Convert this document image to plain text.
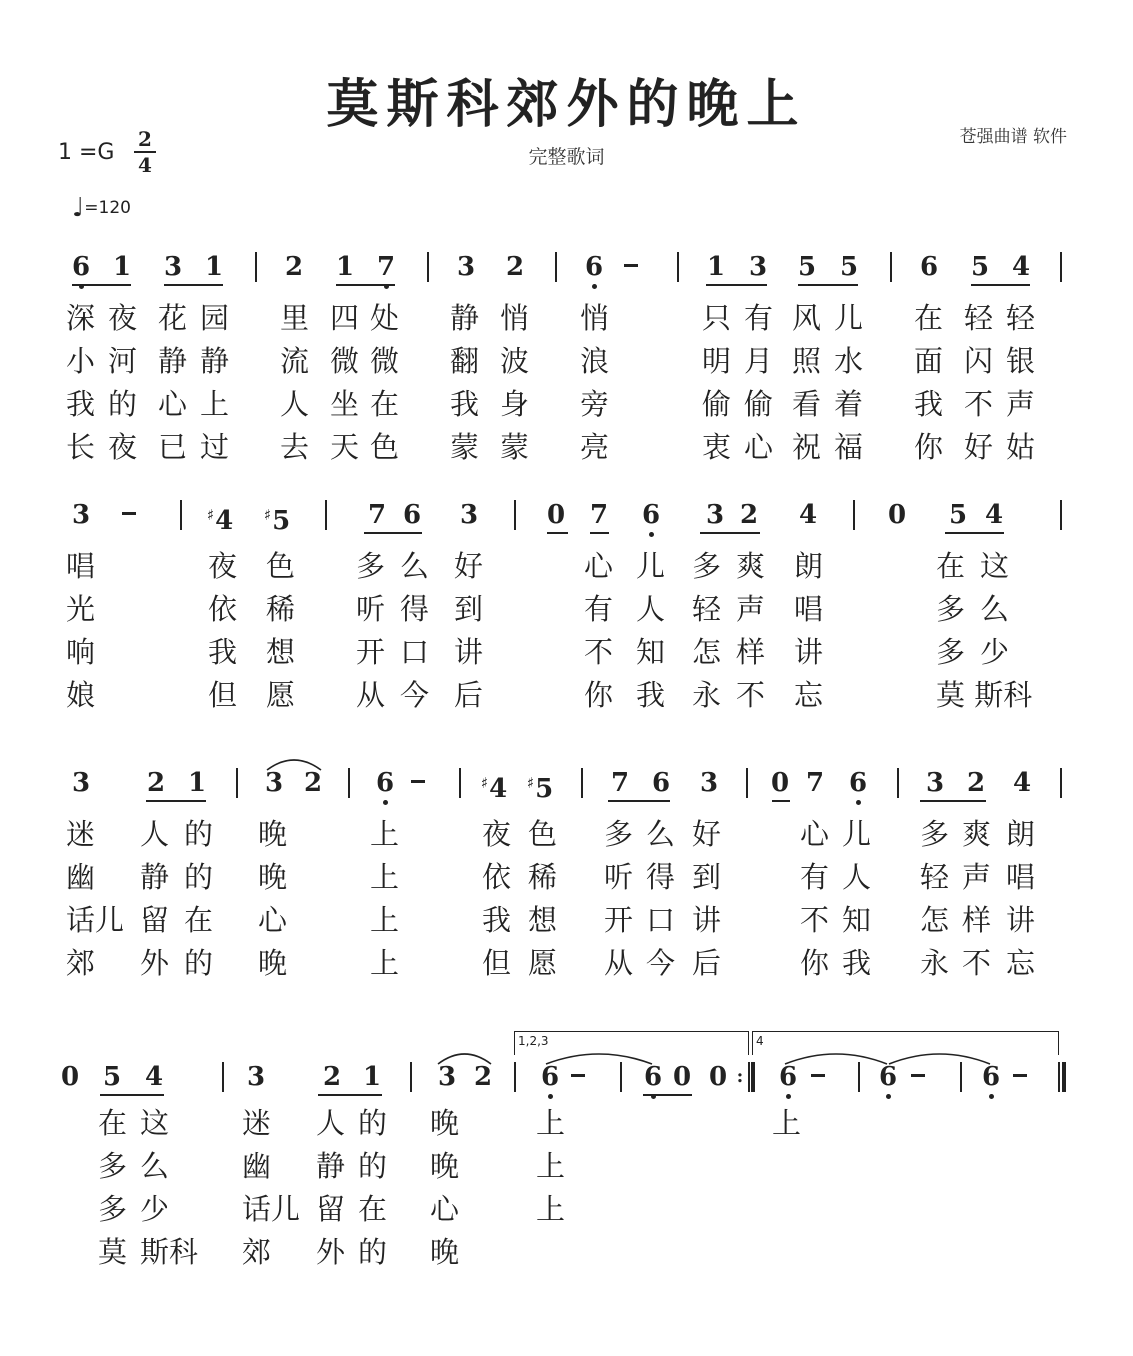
莫斯科郊外的晚上
完整歌词
苍强曲谱 软件
1 =G
2
4
♩=120
6 1 3 1 2 1 7 3 2 6	1 3 5 5 6 5 4
深 夜 花 园 里 四 处 静 悄 悄	只 有 风 儿 在 轻 轻
小 河 静 静 流 微 微 翻 波 浪	明 月 照 水 面 闪 银
我 的 心 上 人 坐 在 我 身 旁	偷 偷 看 着 我 不 声
长 夜 已 过 去 天 色 蒙 蒙 亮	衷 心 祝 福 你 好 姑
3	♯4 ♯5	7 6 3	0 7 6 3 2 4	0 5 4
唱	夜 色 多 么 好	心 儿 多 爽 朗	在 这
光	依 稀 听 得 到	有 人 轻 声 唱	多 么
响	我 想 开 口 讲	不 知 怎 样 讲	多 少
娘	但 愿 从 今 后	你 我 永 不 忘	莫 斯科
3 2 1 3 2 6	♯4 ♯5 7 6 3 0 7 6 3 2 4
迷 人 的 晚	上	夜 色 多 么 好	心 儿 多 爽 朗
幽 静 的 晚	上	依 稀 听 得 到	有 人 轻 声 唱
话儿 留 在 心	上	我 想 开 口 讲	不 知 怎 样 讲
郊 外 的 晚	上	但 愿 从 今 后	你 我 永 不 忘
0 5 4	3 2 1 3 2 6	6 0 0 6	6	6
在 这	迷 人 的 晚	上	上
多 么	幽 静 的 晚	上
多 少	话儿 留 在 心	上
莫 斯科 郊 外 的 晚
:
1,2,3	4
